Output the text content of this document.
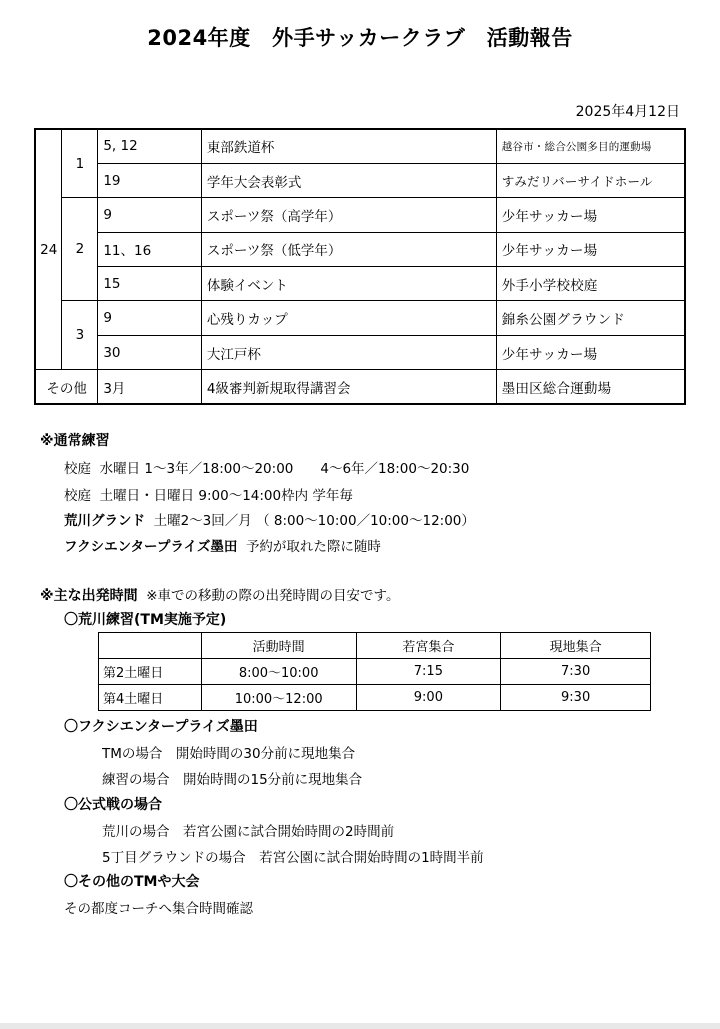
2024年度　外手サッカークラブ　活動報告
2025年4月12日
24	1	5, 12	東部鉄道杯	越谷市・総合公園多目的運動場
		19	学年大会表彰式	すみだリバーサイドホール
	2	9	スポーツ祭（高学年）	少年サッカー場
		11、16	スポーツ祭（低学年）	少年サッカー場
		15	体験イベント	外手小学校校庭
	3	9	心残りカップ	錦糸公園グラウンド
		30	大江戸杯	少年サッカー場
その他		3月	4級審判新規取得講習会	墨田区総合運動場
※通常練習
校庭 水曜日 1～3年／18:00～20:00　　4～6年／18:00～20:30
校庭 土曜日・日曜日 9:00～14:00枠内 学年毎
荒川グランド 土曜2～3回／月 （ 8:00～10:00／10:00～12:00）
フクシエンタープライズ墨田 予約が取れた際に随時
※主な出発時間 ※車での移動の際の出発時間の目安です。
〇荒川練習(TM実施予定)
	活動時間	若宮集合	現地集合
第2土曜日	8:00～10:00	7:15	7:30
第4土曜日	10:00～12:00	9:00	9:30
〇フクシエンタープライズ墨田
TMの場合　開始時間の30分前に現地集合
練習の場合　開始時間の15分前に現地集合
〇公式戦の場合
荒川の場合　若宮公園に試合開始時間の2時間前
5丁目グラウンドの場合　若宮公園に試合開始時間の1時間半前
〇その他のTMや大会
その都度コーチへ集合時間確認
